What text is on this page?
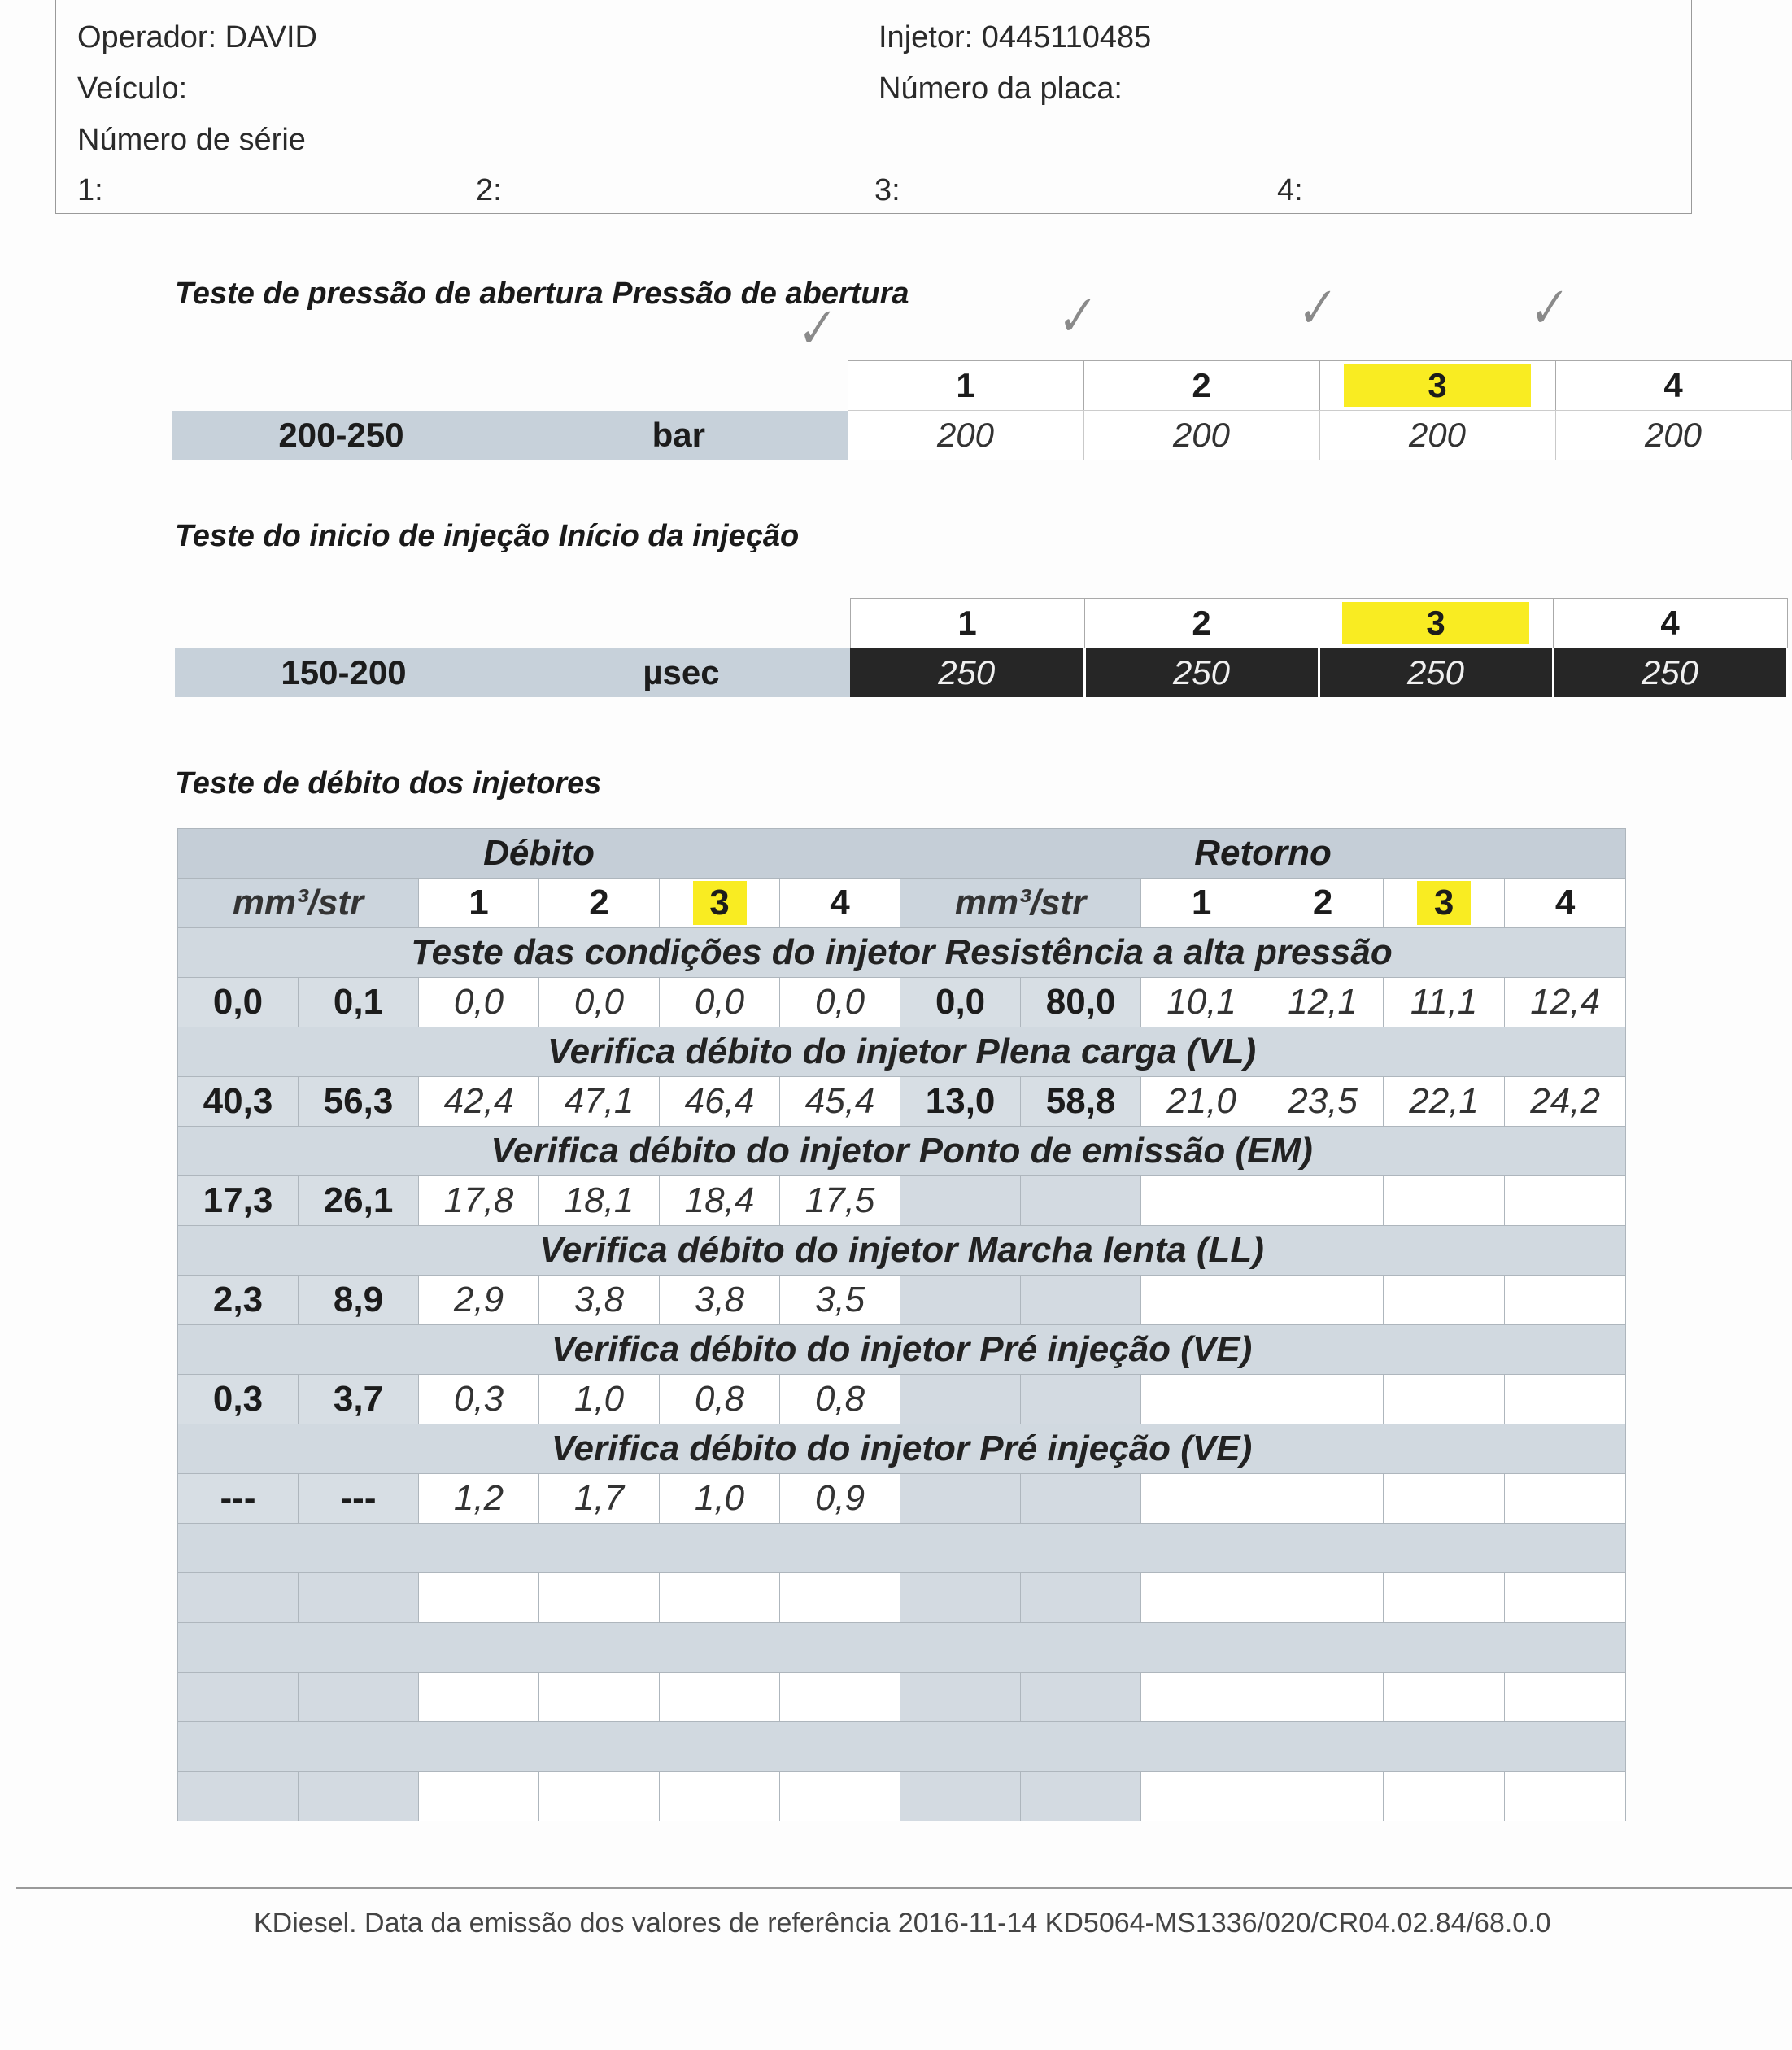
Operador: DAVID	Injetor: 0445110485
Veículo:	Número da placa:
Número de série
1:	2:	3:	4:
Teste de pressão de abertura Pressão de abertura
✓	✓	✓	✓
		1	2	3	4
200-250	bar	200	200	200	200
Teste do inicio de injeção Início da injeção
		1	2	3	4
150-200	µsec	250	250	250	250
Teste de débito dos injetores
Débito						Retorno					
mm³/str		1	2	3	4	mm³/str		1	2	3	4
Teste das condições do injetor Resistência a alta pressão											
0,0	0,1	0,0	0,0	0,0	0,0	0,0	80,0	10,1	12,1	11,1	12,4
Verifica débito do injetor Plena carga (VL)											
40,3	56,3	42,4	47,1	46,4	45,4	13,0	58,8	21,0	23,5	22,1	24,2
Verifica débito do injetor Ponto de emissão (EM)											
17,3	26,1	17,8	18,1	18,4	17,5						
Verifica débito do injetor Marcha lenta (LL)											
2,3	8,9	2,9	3,8	3,8	3,5						
Verifica débito do injetor Pré injeção (VE)											
0,3	3,7	0,3	1,0	0,8	0,8						
Verifica débito do injetor Pré injeção (VE)											
---	---	1,2	1,7	1,0	0,9						

KDiesel. Data da emissão dos valores de referência 2016-11-14 KD5064-MS1336/020/CR04.02.84/68.0.0
